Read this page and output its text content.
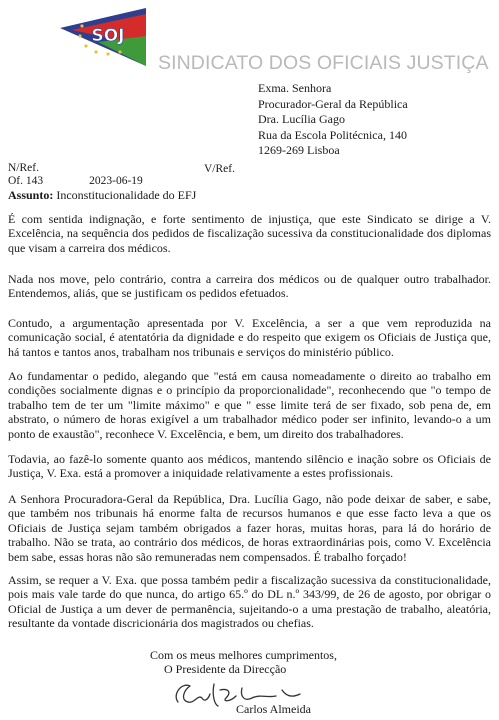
SOJ
SINDICATO DOS OFICIAIS JUSTIÇA
Exma. Senhora
Procurador-Geral da República
Dra. Lucília Gago
Rua da Escola Politécnica, 140
1269-269 Lisboa
N/Ref.
Of. 143	2023-06-19
V/Ref.
Assunto: Inconstitucionalidade do EFJ

É com sentida indignação, e forte sentimento de injustiça, que este Sindicato se dirige a V. Excelência, na sequência dos pedidos de fiscalização sucessiva da constitucionalidade dos diplomas que visam a carreira dos médicos.

Nada nos move, pelo contrário, contra a carreira dos médicos ou de qualquer outro trabalhador. Entendemos, aliás, que se justificam os pedidos efetuados.

Contudo, a argumentação apresentada por V. Excelência, a ser a que vem reproduzida na comunicação social, é atentatória da dignidade e do respeito que exigem os Oficiais de Justiça que, há tantos e tantos anos, trabalham nos tribunais e serviços do ministério público.

Ao fundamentar o pedido, alegando que "está em causa nomeadamente o direito ao trabalho em condições socialmente dignas e o princípio da proporcionalidade", reconhecendo que "o tempo de trabalho tem de ter um "limite máximo" e que " esse limite terá de ser fixado, sob pena de, em abstrato, o número de horas exigível a um trabalhador médico poder ser infinito, levando-o a um ponto de exaustão", reconhece V. Excelência, e bem, um direito dos trabalhadores.

Todavia, ao fazê-lo somente quanto aos médicos, mantendo silêncio e inação sobre os Oficiais de Justiça, V. Exa. está a promover a iniquidade relativamente a estes profissionais.

A Senhora Procuradora-Geral da República, Dra. Lucília Gago, não pode deixar de saber, e sabe, que também nos tribunais há enorme falta de recursos humanos e que esse facto leva a que os Oficiais de Justiça sejam também obrigados a fazer horas, muitas horas, para lá do horário de trabalho. Não se trata, ao contrário dos médicos, de horas extraordinárias pois, como V. Excelência bem sabe, essas horas não são remuneradas nem compensados. É trabalho forçado!

Assim, se requer a V. Exa. que possa também pedir a fiscalização sucessiva da constitucionalidade, pois mais vale tarde do que nunca, do artigo 65.º do DL n.º 343/99, de 26 de agosto, por obrigar o Oficial de Justiça a um dever de permanência, sujeitando-o a uma prestação de trabalho, aleatória, resultante da vontade discricionária dos magistrados ou chefias.

Com os meus melhores cumprimentos,
O Presidente da Direcção
Carlos Almeida
